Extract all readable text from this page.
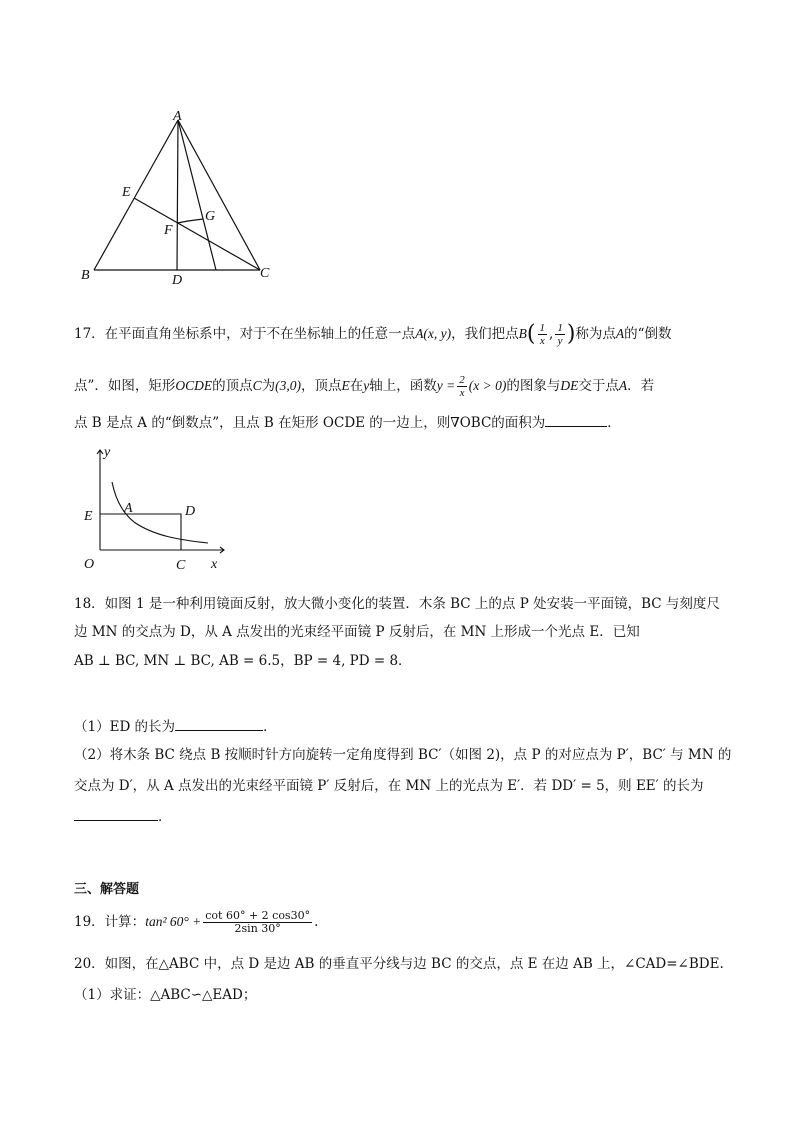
A
B	C
D
E
F
G
17．在平面直角坐标系中，对于不在坐标轴上的任意一点A(x, y)，我们把点$B( \frac{1}{x}$ , $\frac{1}{y}$ )称为点A的“倒数
点”．如图，矩形OCDE的顶点C为(3,0)，顶点E在y轴上，函数$y = \frac{2}{x} (x > 0)$的图象与DE交于点A．若
点 B 是点 A 的“倒数点”，且点 B 在矩形 OCDE 的一边上，则∇OBC的面积为	．
y
x
O
E
A	D
C
18．如图 1 是一种利用镜面反射，放大微小变化的装置．木条 BC 上的点 P 处安装一平面镜，BC 与刻度尺
边 MN 的交点为 D，从 A 点发出的光束经平面镜 P 反射后，在 MN 上形成一个光点 E．已知
AB ⊥ BC, MN ⊥ BC, AB = 6.5，BP = 4, PD = 8．
（1）ED 的长为	．
（2）将木条 BC 绕点 B 按顺时针方向旋转一定角度得到 BC′（如图 2)，点 P 的对应点为 P′，BC′ 与 MN 的
交点为 D′，从 A 点发出的光束经平面镜 P′ 反射后，在 MN 上的光点为 E′．若 DD′ = 5，则 EE′ 的长为
．
三、解答题
19．计算：tan² $60^\circ + \frac{\cot 60^\circ + 2 \cos 30^\circ}{2\sin 30^\circ}$ .
20．如图，在△ABC 中，点 D 是边 AB 的垂直平分线与边 BC 的交点，点 E 在边 AB 上，∠CAD=∠BDE.
（1）求证：△ABC∽△EAD；
